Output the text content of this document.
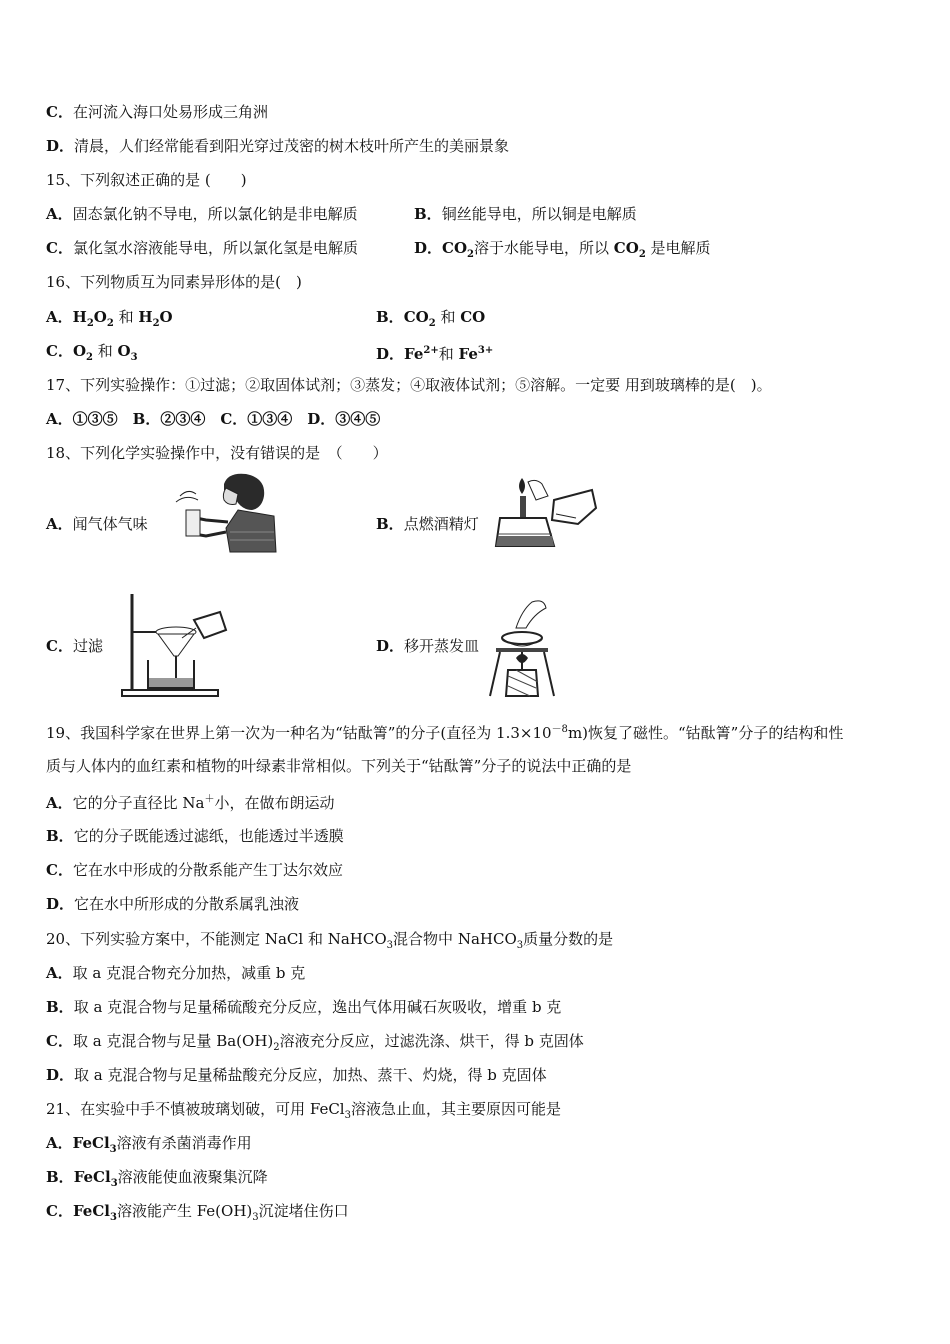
C．在河流入海口处易形成三角洲
D．清晨，人们经常能看到阳光穿过茂密的树木枝叶所产生的美丽景象
15、下列叙述正确的是 (　　)
A．固态氯化钠不导电，所以氯化钠是非电解质	B．铜丝能导电，所以铜是电解质
C．氯化氢水溶液能导电，所以氯化氢是电解质	D．$CO_2$溶于水能导电，所以 $CO_2$ 是电解质
16、下列物质互为同素异形体的是(　)
A．$H_2O_2$ 和 $H_2O$	B．$CO_2$ 和 CO
C．$O_2$ 和 $O_3$	D．$Fe^{2+}$和 $Fe^{3+}$
17、下列实验操作：①过滤；②取固体试剂；③蒸发；④取液体试剂；⑤溶解。一定要 用到玻璃棒的是(　)。
A．①③⑤　B．②③④　C．①③④　D．③④⑤
18、下列化学实验操作中，没有错误的是　（　　）
A．闻气体气味	B．点燃酒精灯
C．过滤	D．移开蒸发皿
19、我国科学家在世界上第一次为一种名为“钴酞箐”的分子(直径为 $1.3\times 10^{-8}m$)恢复了磁性。“钴酞箐”分子的结构和性
质与人体内的血红素和植物的叶绿素非常相似。下列关于“钴酞箐”分子的说法中正确的是
A．它的分子直径比 Na＋小，在做布朗运动
B．它的分子既能透过滤纸，也能透过半透膜
C．它在水中形成的分散系能产生丁达尔效应
D．它在水中所形成的分散系属乳浊液
20、下列实验方案中，不能测定 NaCl 和 NaHCO$_3$混合物中 NaHCO$_3$质量分数的是
A．取 a 克混合物充分加热，减重 b 克
B．取 a 克混合物与足量稀硫酸充分反应，逸出气体用碱石灰吸收，增重 b 克
C．取 a 克混合物与足量 $Ba(OH)_2$溶液充分反应，过滤洗涤、烘干，得 b 克固体
D．取 a 克混合物与足量稀盐酸充分反应，加热、蒸干、灼烧，得 b 克固体
21、在实验中手不慎被玻璃划破，可用 FeCl$_3$溶液急止血，其主要原因可能是
A．FeCl$_3$溶液有杀菌消毒作用
B．FeCl$_3$溶液能使血液聚集沉降
C．FeCl$_3$溶液能产生 $Fe(OH)_3$沉淀堵住伤口
